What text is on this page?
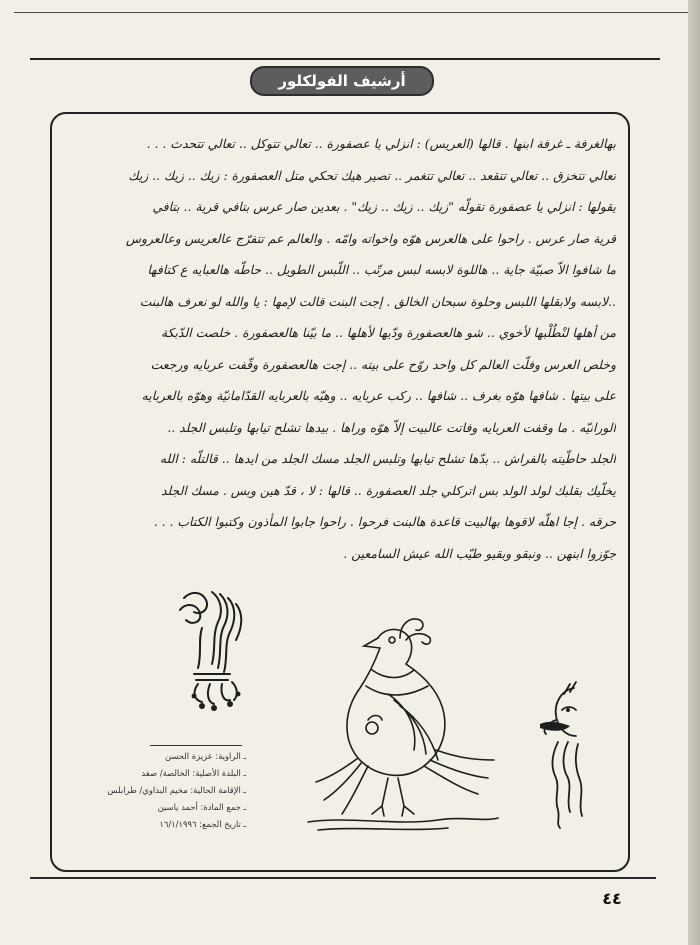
أرشيف الفولكلور
بهالغرفة ـ غرفة ابنها . قالها (العريس) : انزلي يا عصفورة .. تعالي تتوكل .. تعالي تتحدث . . .
تعالي تتخزق .. تعالي تتقعد .. تعالي تتغمر .. تصير هيك تحكي متل العصفورة : زيك .. زيك .. زيك
يقولها : انزلي يا عصفورة تقولّه "زيك .. زيك .. زيك" . بعدين صار عرس بتافي قرية .. بتافي
قرية صار عرس . راحوا على هالعرس هوّه واخواته وامّه . والعالم عم تتفرّج عالعريس وعالعروس
ما شافوا الاّ صبيّة جاية .. هاللوة لابسه لبس مرتّب .. اللّبس الطويل .. حاطّه هالعبايه ع كتافها
..لابسه ولابقلها اللبس وحلوة سبحان الخالق . إجت البنت قالت لإمها : يا والله لو نعرف هالبنت
من أهلها لنْطُلْبها لأخوي .. شو هالعصفورة ودّيها لأهلها .. ما بيّنا هالعصفورة . خلصت الدّبكة
وخلص العرس وفلّت العالم كل واحد روّح على بيته .. إجت هالعصفورة وقّفت عربايه ورجعت
على بيتها . شافها هوّه بغرف .. شافها .. ركب عربايه .. وهيّه بالعربايه القدّامانيّة وهوّه بالعربايه
الورانيّه . ما وقفت العربايه وفاتت عالبيت إلاّ هوّه وراها . بيدها تشلح تيابها وتلبس الجلد ..
الجلد حاطّيته بالفراش .. بدّها تشلح تيابها وتلبس الجلد مسك الجلد من ايدها .. قالتلّه : الله
يخلّيك بقلبك لولد الولد بس اتركلي جلد العصفورة .. قالها : لا ، قدّ هين وبس . مسك الجلد
حرقه . إجا اهلّه لاقوها بهالبيت قاعدة هالبنت فرحوا . راحوا جابوا المأذون وكتبوا الكتاب . . .
جوّزوا ابنهن .. ونبقو وبقيو طيّب الله عيش السامعين .
ـ الراوية: عزيزة الحسن
ـ البلدة الأصلية: الخالصة/ صفد
ـ الإقامة الحالية: مخيم البداوي/ طرابلس
ـ جمع المادة: أحمد ياسين
ـ تاريخ الجمع: ١٦/١/١٩٩٦
٤٤
